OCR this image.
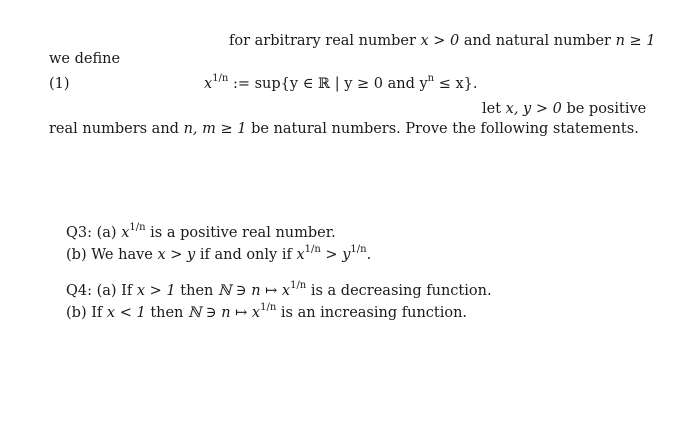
for arbitrary real number x > 0 and natural number n ≥ 1
we define
(1)	$x^{1/n}$ := sup{y ∈ ℝ | y ≥ 0 and $y^n \le x$}.
let x, y > 0 be positive
real numbers and n, m ≥ 1 be natural numbers. Prove the following statements.
Q3: (a) $x^{1/n}$ is a positive real number.
(b) We have x > y if and only if $x^{1/n} > y^{1/n}$.
Q4: (a) If x > 1 then ℕ ∋ n ↦ $x^{1/n}$ is a decreasing function.
(b) If x < 1 then ℕ ∋ n ↦ $x^{1/n}$ is an increasing function.
